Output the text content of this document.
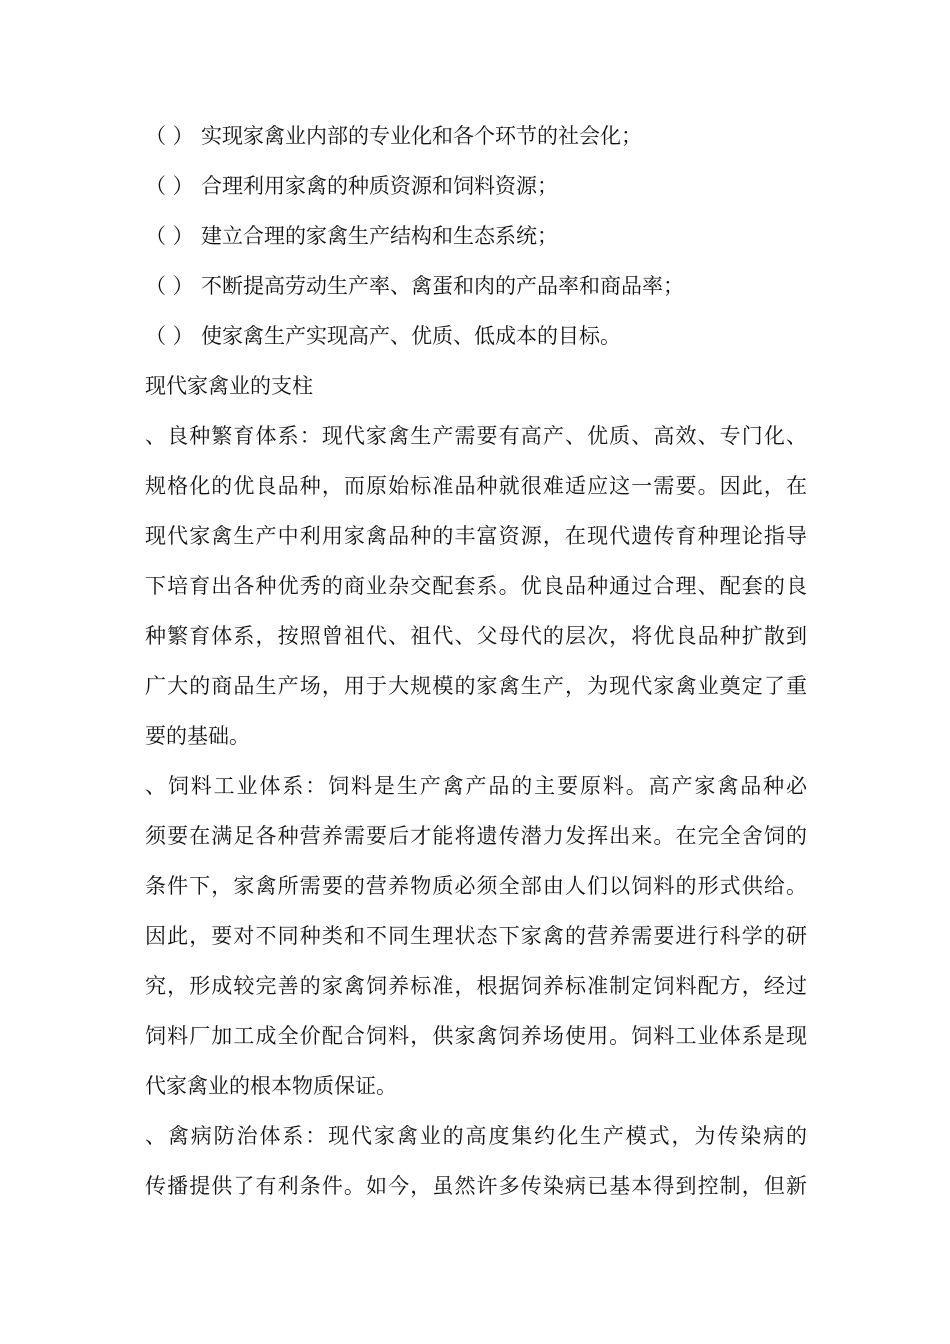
（ ） 实现家禽业内部的专业化和各个环节的社会化；
（ ） 合理利用家禽的种质资源和饲料资源；
（ ） 建立合理的家禽生产结构和生态系统；
（ ） 不断提高劳动生产率、禽蛋和肉的产品率和商品率；
（ ） 使家禽生产实现高产、优质、低成本的目标。
现代家禽业的支柱
、良种繁育体系：现代家禽生产需要有高产、优质、高效、专门化、
规格化的优良品种，而原始标准品种就很难适应这一需要。因此，在
现代家禽生产中利用家禽品种的丰富资源，在现代遗传育种理论指导
下培育出各种优秀的商业杂交配套系。优良品种通过合理、配套的良
种繁育体系，按照曾祖代、祖代、父母代的层次，将优良品种扩散到
广大的商品生产场，用于大规模的家禽生产，为现代家禽业奠定了重
要的基础。
、饲料工业体系：饲料是生产禽产品的主要原料。高产家禽品种必
须要在满足各种营养需要后才能将遗传潜力发挥出来。在完全舍饲的
条件下，家禽所需要的营养物质必须全部由人们以饲料的形式供给。
因此，要对不同种类和不同生理状态下家禽的营养需要进行科学的研
究，形成较完善的家禽饲养标准，根据饲养标准制定饲料配方，经过
饲料厂加工成全价配合饲料，供家禽饲养场使用。饲料工业体系是现
代家禽业的根本物质保证。
、禽病防治体系：现代家禽业的高度集约化生产模式，为传染病的
传播提供了有利条件。如今，虽然许多传染病已基本得到控制，但新
